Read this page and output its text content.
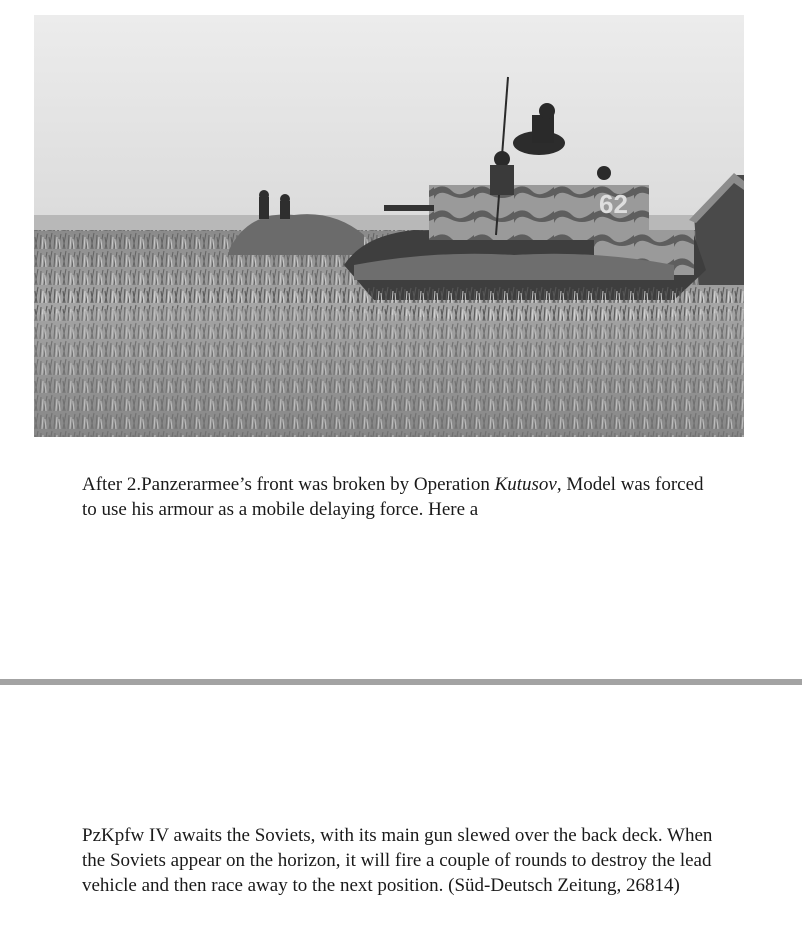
62

After 2.Panzerarmee’s front was broken by Operation Kutusov, Model was forced to use his armour as a mobile delaying force. Here a

PzKpfw IV awaits the Soviets, with its main gun slewed over the back deck. When the Soviets appear on the horizon, it will fire a couple of rounds to destroy the lead vehicle and then race away to the next position. (Süd-Deutsch Zeitung, 26814)
